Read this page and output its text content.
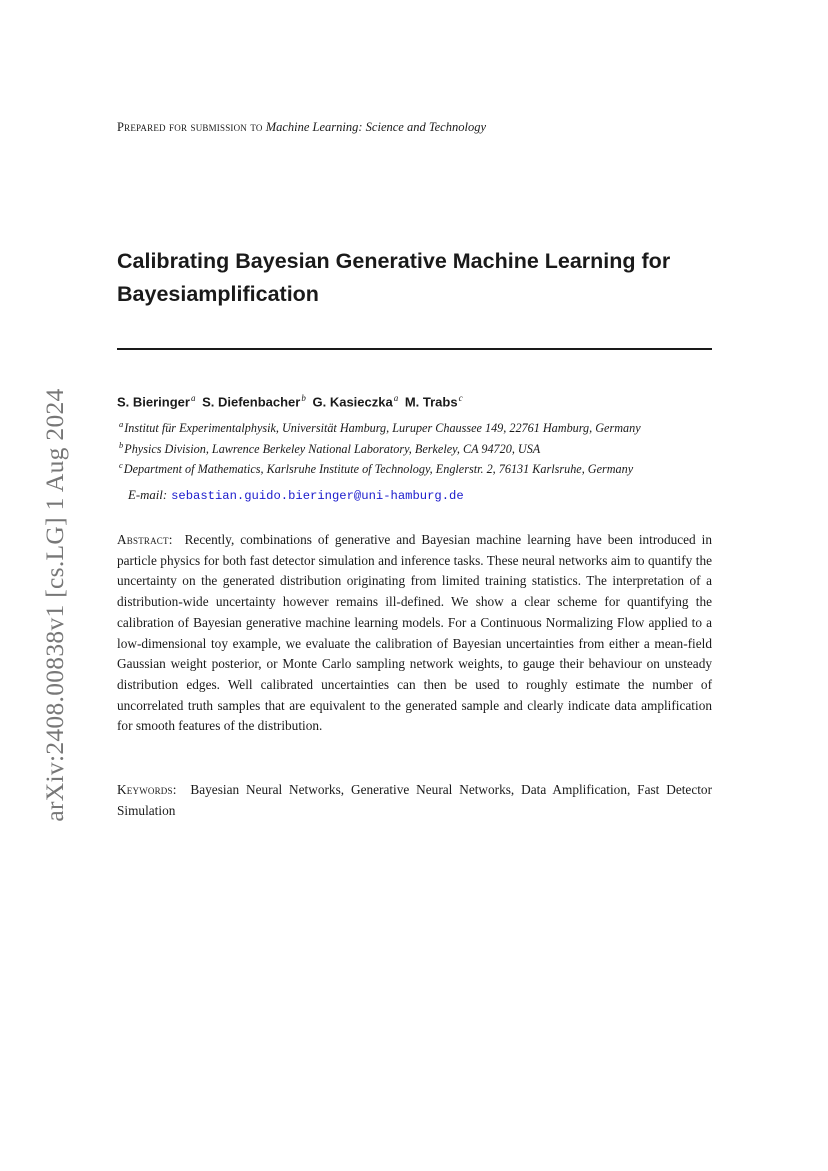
arXiv:2408.00838v1 [cs.LG] 1 Aug 2024
Prepared for submission to Machine Learning: Science and Technology
Calibrating Bayesian Generative Machine Learning for Bayesiamplification
S. Bieringer$^a$ S. Diefenbacher$^b$ G. Kasieczka$^a$ M. Trabs$^c$
$^a$Institut für Experimentalphysik, Universität Hamburg, Luruper Chaussee 149, 22761 Hamburg, Germany
$^b$Physics Division, Lawrence Berkeley National Laboratory, Berkeley, CA 94720, USA
$^c$Department of Mathematics, Karlsruhe Institute of Technology, Englerstr. 2, 76131 Karlsruhe, Germany
E-mail: sebastian.guido.bieringer@uni-hamburg.de
Abstract: Recently, combinations of generative and Bayesian machine learning have been introduced in particle physics for both fast detector simulation and inference tasks. These neural networks aim to quantify the uncertainty on the generated distribution originating from limited training statistics. The interpretation of a distribution-wide uncertainty however remains ill-defined. We show a clear scheme for quantifying the calibration of Bayesian generative machine learning models. For a Continuous Normalizing Flow applied to a low-dimensional toy example, we evaluate the calibration of Bayesian uncertainties from either a mean-field Gaussian weight posterior, or Monte Carlo sampling network weights, to gauge their behaviour on unsteady distribution edges. Well calibrated uncertainties can then be used to roughly estimate the number of uncorrelated truth samples that are equivalent to the generated sample and clearly indicate data amplification for smooth features of the distribution.
Keywords: Bayesian Neural Networks, Generative Neural Networks, Data Amplification, Fast Detector Simulation
